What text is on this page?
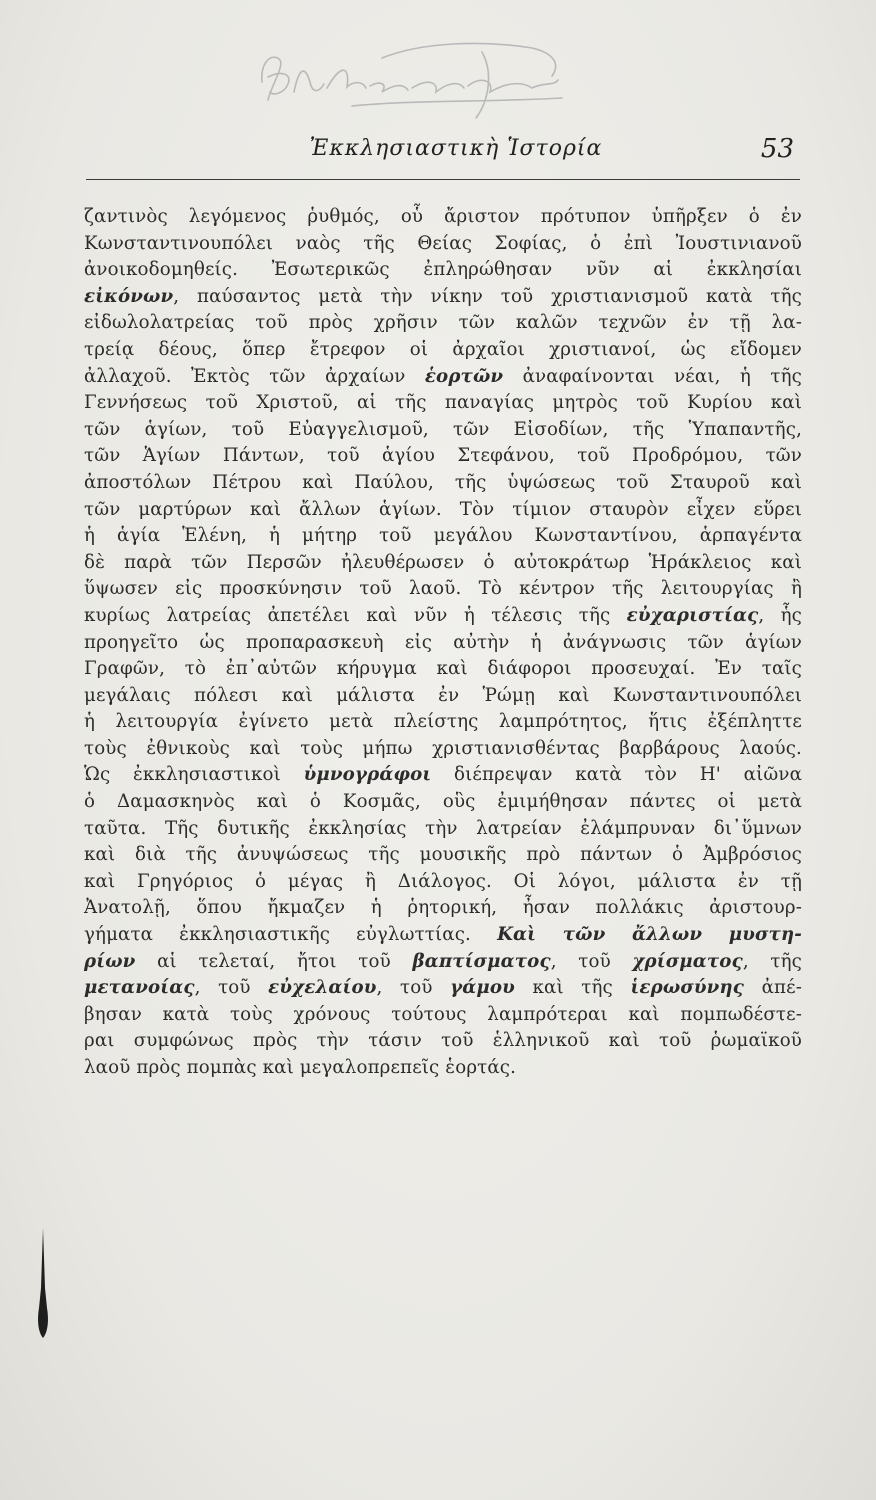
Ἐκκλησιαστικὴ Ἱστορία	53
ζαντινὸς λεγόμενος ῥυθμός, οὗ ἄριστον πρότυπον ὑπῆρξεν ὁ ἐν
Κωνσταντινουπόλει ναὸς τῆς Θείας Σοφίας, ὁ ἐπὶ Ἰουστινιανοῦ
ἀνοικοδομηθείς. Ἐσωτερικῶς ἐπληρώθησαν νῦν αἱ ἐκκλησίαι
εἰκόνων, παύσαντος μετὰ τὴν νίκην τοῦ χριστιανισμοῦ κατὰ τῆς
εἰδωλολατρείας τοῦ πρὸς χρῆσιν τῶν καλῶν τεχνῶν ἐν τῇ λα-
τρείᾳ δέους, ὅπερ ἔτρεφον οἱ ἀρχαῖοι χριστιανοί, ὡς εἴδομεν
ἀλλαχοῦ. Ἐκτὸς τῶν ἀρχαίων ἑορτῶν ἀναφαίνονται νέαι, ἡ τῆς
Γεννήσεως τοῦ Χριστοῦ, αἱ τῆς παναγίας μητρὸς τοῦ Κυρίου καὶ
τῶν ἁγίων, τοῦ Εὐαγγελισμοῦ, τῶν Εἰσοδίων, τῆς Ὑπαπαντῆς,
τῶν Ἁγίων Πάντων, τοῦ ἁγίου Στεφάνου, τοῦ Προδρόμου, τῶν
ἀποστόλων Πέτρου καὶ Παύλου, τῆς ὑψώσεως τοῦ Σταυροῦ καὶ
τῶν μαρτύρων καὶ ἄλλων ἁγίων. Τὸν τίμιον σταυρὸν εἶχεν εὕρει
ἡ ἁγία Ἑλένη, ἡ μήτηρ τοῦ μεγάλου Κωνσταντίνου, ἁρπαγέντα
δὲ παρὰ τῶν Περσῶν ἠλευθέρωσεν ὁ αὐτοκράτωρ Ἡράκλειος καὶ
ὕψωσεν εἰς προσκύνησιν τοῦ λαοῦ. Τὸ κέντρον τῆς λειτουργίας ἢ
κυρίως λατρείας ἀπετέλει καὶ νῦν ἡ τέλεσις τῆς εὐχαριστίας, ἧς
προηγεῖτο ὡς προπαρασκευὴ εἰς αὐτὴν ἡ ἀνάγνωσις τῶν ἁγίων
Γραφῶν, τὸ ἐπ᾽αὐτῶν κήρυγμα καὶ διάφοροι προσευχαί. Ἐν ταῖς
μεγάλαις πόλεσι καὶ μάλιστα ἐν Ῥώμῃ καὶ Κωνσταντινουπόλει
ἡ λειτουργία ἐγίνετο μετὰ πλείστης λαμπρότητος, ἥτις ἐξέπληττε
τοὺς ἐθνικοὺς καὶ τοὺς μήπω χριστιανισθέντας βαρβάρους λαούς.
Ὡς ἐκκλησιαστικοὶ ὑμνογράφοι διέπρεψαν κατὰ τὸν Η' αἰῶνα
ὁ Δαμασκηνὸς καὶ ὁ Κοσμᾶς, οὓς ἐμιμήθησαν πάντες οἱ μετὰ
ταῦτα. Τῆς δυτικῆς ἐκκλησίας τὴν λατρείαν ἐλάμπρυναν δι᾽ὕμνων
καὶ διὰ τῆς ἀνυψώσεως τῆς μουσικῆς πρὸ πάντων ὁ Ἀμβρόσιος
καὶ Γρηγόριος ὁ μέγας ἢ Διάλογος. Οἱ λόγοι, μάλιστα ἐν τῇ
Ἀνατολῇ, ὅπου ἤκμαζεν ἡ ῥητορική, ἦσαν πολλάκις ἀριστουρ-
γήματα ἐκκλησιαστικῆς εὐγλωττίας. Καὶ τῶν ἄλλων μυστη-
ρίων αἱ τελεταί, ἤτοι τοῦ βαπτίσματος, τοῦ χρίσματος, τῆς
μετανοίας, τοῦ εὐχελαίου, τοῦ γάμου καὶ τῆς ἱερωσύνης ἀπέ-
βησαν κατὰ τοὺς χρόνους τούτους λαμπρότεραι καὶ πομπωδέστε-
ραι συμφώνως πρὸς τὴν τάσιν τοῦ ἑλληνικοῦ καὶ τοῦ ῥωμαϊκοῦ
λαοῦ πρὸς πομπὰς καὶ μεγαλοπρεπεῖς ἑορτάς.
